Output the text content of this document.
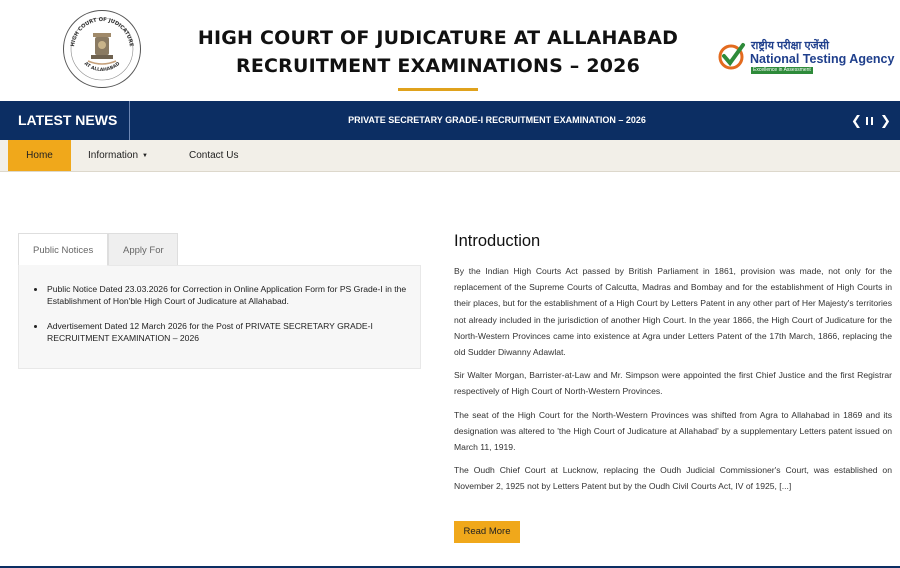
HIGH COURT OF JUDICATURE
AT ALLAHABAD
HIGH COURT OF JUDICATURE AT ALLAHABAD
RECRUITMENT EXAMINATIONS – 2026
राष्ट्रीय परीक्षा एजेंसी
National Testing Agency
Excellence in Assessment
LATEST NEWS	PRIVATE SECRETARY GRADE-I RECRUITMENT EXAMINATION – 2026	❮ ❯
Home	Information ▼	Contact Us
Public Notices	Apply For
Public Notice Dated 23.03.2026 for Correction in Online Application Form for PS Grade-I in the Establishment of Hon'ble High Court of Judicature at Allahabad.
Advertisement Dated 12 March 2026 for the Post of PRIVATE SECRETARY GRADE-I RECRUITMENT EXAMINATION – 2026
Introduction

By the Indian High Courts Act passed by British Parliament in 1861, provision was made, not only for the replacement of the Supreme Courts of Calcutta, Madras and Bombay and for the establishment of High Courts in their places, but for the establishment of a High Court by Letters Patent in any other part of Her Majesty's territories not already included in the jurisdiction of another High Court. In the year 1866, the High Court of Judicature for the North-Western Provinces came into existence at Agra under Letters Patent of the 17th March, 1866, replacing the old Sudder Diwanny Adawlat.

Sir Walter Morgan, Barrister-at-Law and Mr. Simpson were appointed the first Chief Justice and the first Registrar respectively of High Court of North-Western Provinces.

The seat of the High Court for the North-Western Provinces was shifted from Agra to Allahabad in 1869 and its designation was altered to 'the High Court of Judicature at Allahabad' by a supplementary Letters patent issued on March 11, 1919.

The Oudh Chief Court at Lucknow, replacing the Oudh Judicial Commissioner's Court, was established on November 2, 1925 not by Letters Patent but by the Oudh Civil Courts Act, IV of 1925, [...]

Read More
